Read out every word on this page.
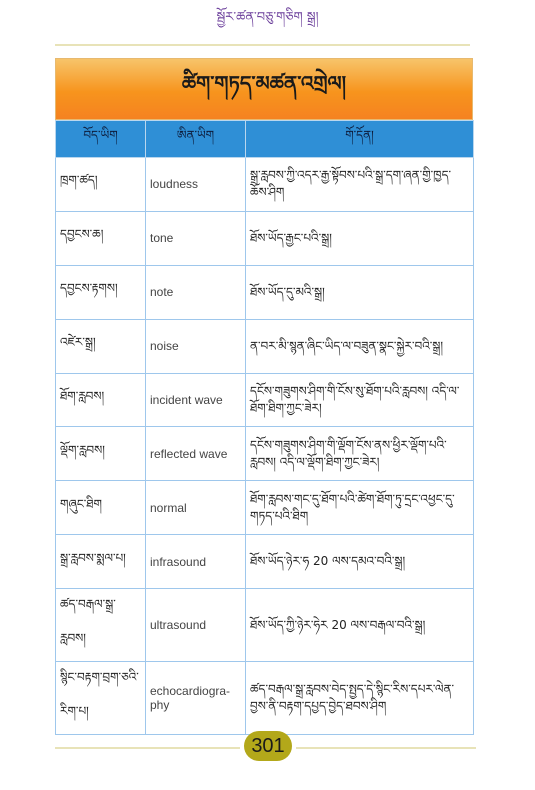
སྦྱོར་ཚན་བཅུ་གཅིག སྒྲ།
ཚིག་གཏད་མཚན་འགྲེལ།
བོད་ཡིག	ཨིན་ཡིག	གོ་དོན།
ཁྲག་ཚད།	loudness	སྒྲ་རླབས་ཀྱི་འདར་རྒྱ་སྟོབས་པའི་སྒྲ་དག་ཞན་གྱི་ཁྱད་ཆོས་ཤིག
དབྱངས་ཆ།	tone	ཐོས་ཡོད་རྒྱང་པའི་སྒྲ།
དབྱངས་རྟགས།	note	ཐོས་ཡོད་དུ་མའི་སྒྲ།
འཛེར་སྒྲ།	noise	ན་བར་མི་སྙན་ཞིང་ཡིད་ལ་བཟུན་སྣང་སྐྱེར་བའི་སྒྲ།
ཐོག་རླབས།	incident wave	དངོས་གཟུགས་ཤིག་གི་ངོས་སུ་ཐོག་པའི་རླབས། འདི་ལ་ཐོག་ཐིག་ཀྱང་ཟེར།
ལྡོག་རླབས།	reflected wave	དངོས་གཟུགས་ཤིག་གི་ལྡོག་ངོས་ནས་ཕྱིར་ལྡོག་པའི་རླབས། འདི་ལ་ལྡོག་ཐིག་ཀྱང་ཟེར།
གཞུང་ཐིག	normal	ཐོག་རླབས་གང་དུ་ཐོག་པའི་ཚེག་ཐོག་ཏུ་དྲང་འཕྱང་དུ་གཏད་པའི་ཐིག
སྒྲ་རླབས་སྨལ་པ།	infrasound	ཐོས་ཡོད་ཉེར་ཧ 20 ལས་དམའ་བའི་སྒྲ།
ཚད་བརྒལ་སྒྲ་རླབས།	ultrasound	ཐོས་ཡོད་ཀྱི་ཉེར་ཧེར 20 ལས་བརྒལ་བའི་སྒྲ།
སྙིང་བརྟག་བྲག་ཅའི་རིག་པ།	echocardiogra-phy	ཚད་བརྒལ་སྒྲ་རླབས་བེད་སྤྱད་དེ་སྙིང་རིས་དཔར་ལེན་བྱས་ནི་བརྟག་དཔྱད་བྱེད་ཐབས་ཤིག
301
